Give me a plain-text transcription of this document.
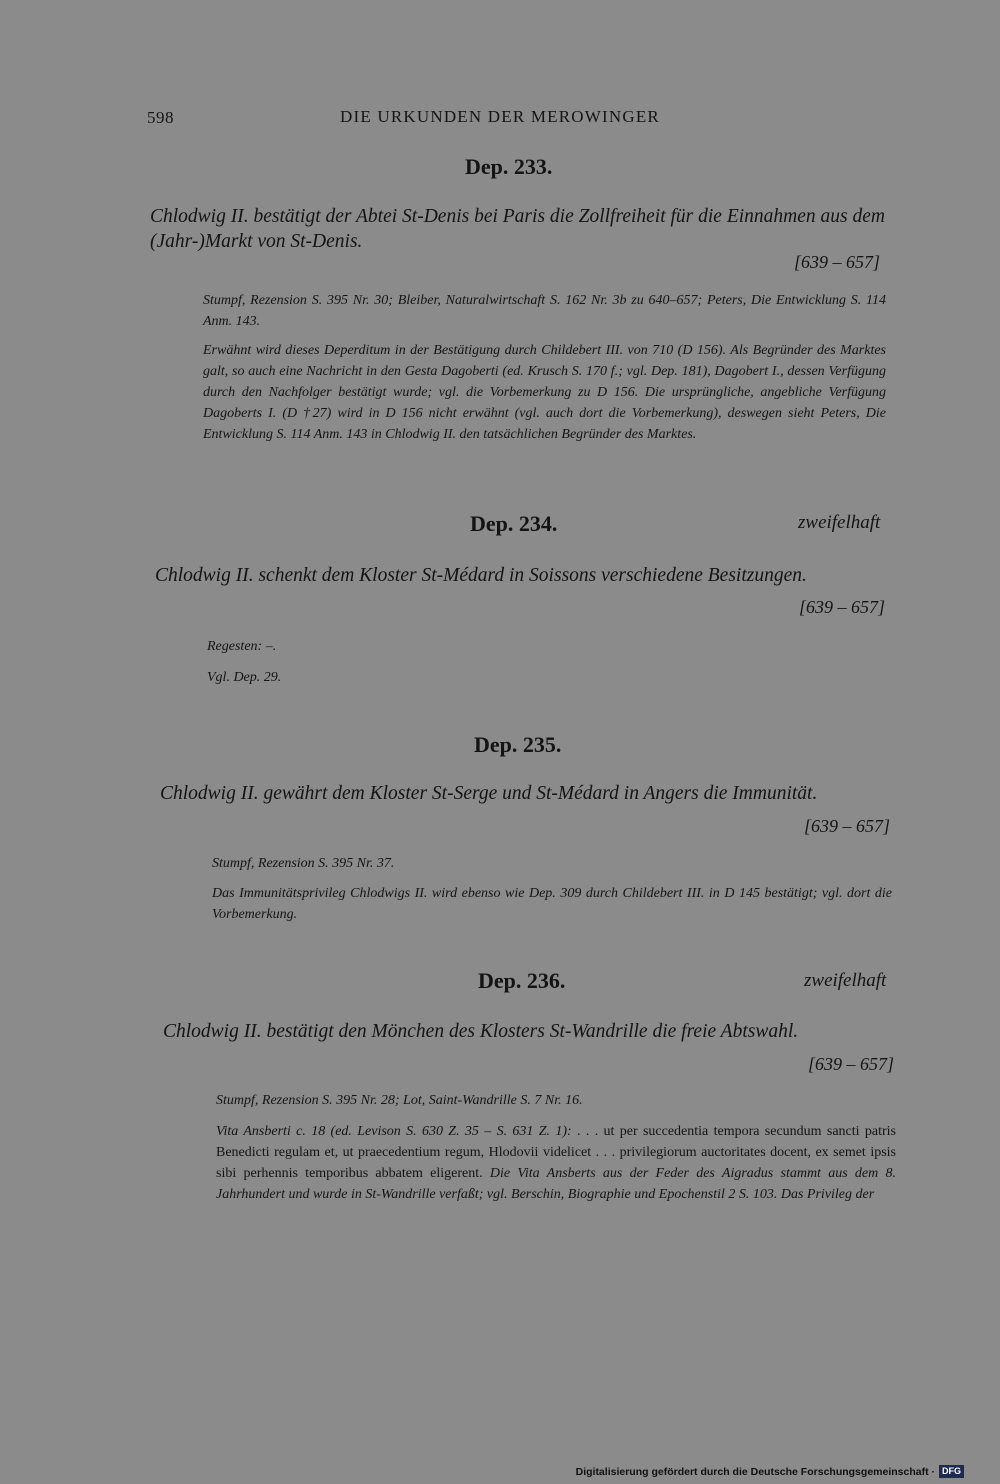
598	DIE URKUNDEN DER MEROWINGER
Dep. 233.

Chlodwig II. bestätigt der Abtei St-Denis bei Paris die Zollfreiheit für die Einnahmen aus dem (Jahr-)Markt von St-Denis.

[639 – 657]

Stumpf, Rezension S. 395 Nr. 30; Bleiber, Naturalwirtschaft S. 162 Nr. 3b zu 640–657; Peters, Die Entwicklung S. 114 Anm. 143.

Erwähnt wird dieses Deperditum in der Bestätigung durch Childebert III. von 710 (D 156). Als Begründer des Marktes galt, so auch eine Nachricht in den Gesta Dagoberti (ed. Krusch S. 170 f.; vgl. Dep. 181), Dagobert I., dessen Verfügung durch den Nachfolger bestätigt wurde; vgl. die Vorbemerkung zu D 156. Die ursprüngliche, angebliche Verfügung Dagoberts I. (D †27) wird in D 156 nicht erwähnt (vgl. auch dort die Vorbemerkung), deswegen sieht Peters, Die Entwicklung S. 114 Anm. 143 in Chlodwig II. den tatsächlichen Begründer des Marktes.

Dep. 234.	zweifelhaft

Chlodwig II. schenkt dem Kloster St-Médard in Soissons verschiedene Besitzungen.

[639 – 657]

Regesten: –.

Vgl. Dep. 29.

Dep. 235.

Chlodwig II. gewährt dem Kloster St-Serge und St-Médard in Angers die Immunität.

[639 – 657]

Stumpf, Rezension S. 395 Nr. 37.

Das Immunitätsprivileg Chlodwigs II. wird ebenso wie Dep. 309 durch Childebert III. in D 145 bestätigt; vgl. dort die Vorbemerkung.

Dep. 236.	zweifelhaft

Chlodwig II. bestätigt den Mönchen des Klosters St-Wandrille die freie Abtswahl.

[639 – 657]

Stumpf, Rezension S. 395 Nr. 28; Lot, Saint-Wandrille S. 7 Nr. 16.

Vita Ansberti c. 18 (ed. Levison S. 630 Z. 35 – S. 631 Z. 1): . . . ut per succedentia tempora secundum sancti patris Benedicti regulam et, ut praecedentium regum, Hlodovii videlicet . . . privilegiorum auctoritates docent, ex semet ipsis sibi perhennis temporibus abbatem eligerent. Die Vita Ansberts aus der Feder des Aigradus stammt aus dem 8. Jahrhundert und wurde in St-Wandrille verfaßt; vgl. Berschin, Biographie und Epochenstil 2 S. 103. Das Privileg der

Digitalisierung gefördert durch die Deutsche Forschungsgemeinschaft · DFG
